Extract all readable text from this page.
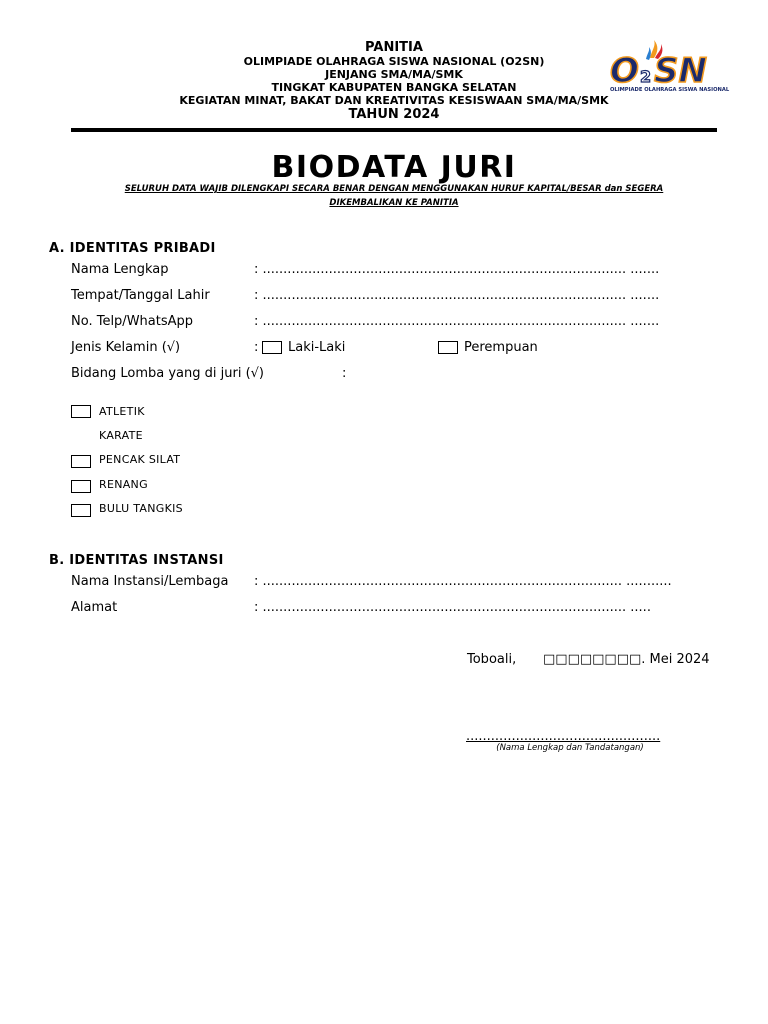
PANITIA
OLIMPIADE OLAHRAGA SISWA NASIONAL (O2SN)
JENJANG SMA/MA/SMK
TINGKAT KABUPATEN BANGKA SELATAN
KEGIATAN MINAT, BAKAT DAN KREATIVITAS KESISWAAN SMA/MA/SMK
TAHUN 2024
O 2 SN
OLIMPIADE OLAHRAGA SISWA NASIONAL
BIODATA JURI
SELURUH DATA WAJIB DILENGKAPI SECARA BENAR DENGAN MENGGUNAKAN HURUF KAPITAL/BESAR dan SEGERA
DIKEMBALIKAN KE PANITIA
A. IDENTITAS PRIBADI
Nama Lengkap	: ........................................................................................ .......
Tempat/Tanggal Lahir	: ........................................................................................ .......
No. Telp/WhatsApp	: ........................................................................................ .......
Jenis Kelamin (√)	: Laki-Laki	Perempuan
Bidang Lomba yang di juri (√)	:
ATLETIK
KARATE
PENCAK SILAT
RENANG
BULU TANGKIS
B. IDENTITAS INSTANSI
Nama Instansi/Lembaga : ....................................................................................... ...........
Alamat	: ........................................................................................ .....
Toboali, □□□□□□□□. Mei 2024
...............................................
(Nama Lengkap dan Tandatangan)
